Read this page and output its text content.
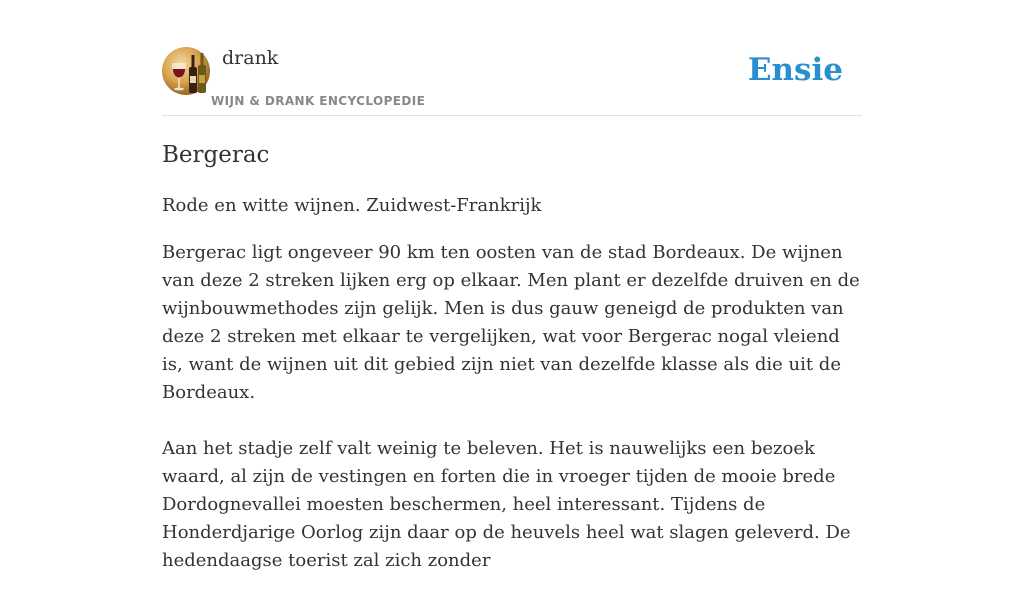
drank
WIJN & DRANK ENCYCLOPEDIE
Ensie
Bergerac

Rode en witte wijnen. Zuidwest-Frankrijk

Bergerac ligt ongeveer 90 km ten oosten van de stad Bordeaux. De wijnen van deze 2 streken lijken erg op elkaar. Men plant er dezelfde druiven en de wijnbouwmethodes zijn gelijk. Men is dus gauw geneigd de produkten van deze 2 streken met elkaar te vergelijken, wat voor Bergerac nogal vleiend is, want de wijnen uit dit gebied zijn niet van dezelfde klasse als die uit de Bordeaux.

Aan het stadje zelf valt weinig te beleven. Het is nauwelijks een bezoek waard, al zijn de vestingen en forten die in vroeger tijden de mooie brede Dordognevallei moesten beschermen, heel interessant. Tijdens de Honderdjarige Oorlog zijn daar op de heuvels heel wat slagen geleverd. De hedendaagse toerist zal zich zonder
